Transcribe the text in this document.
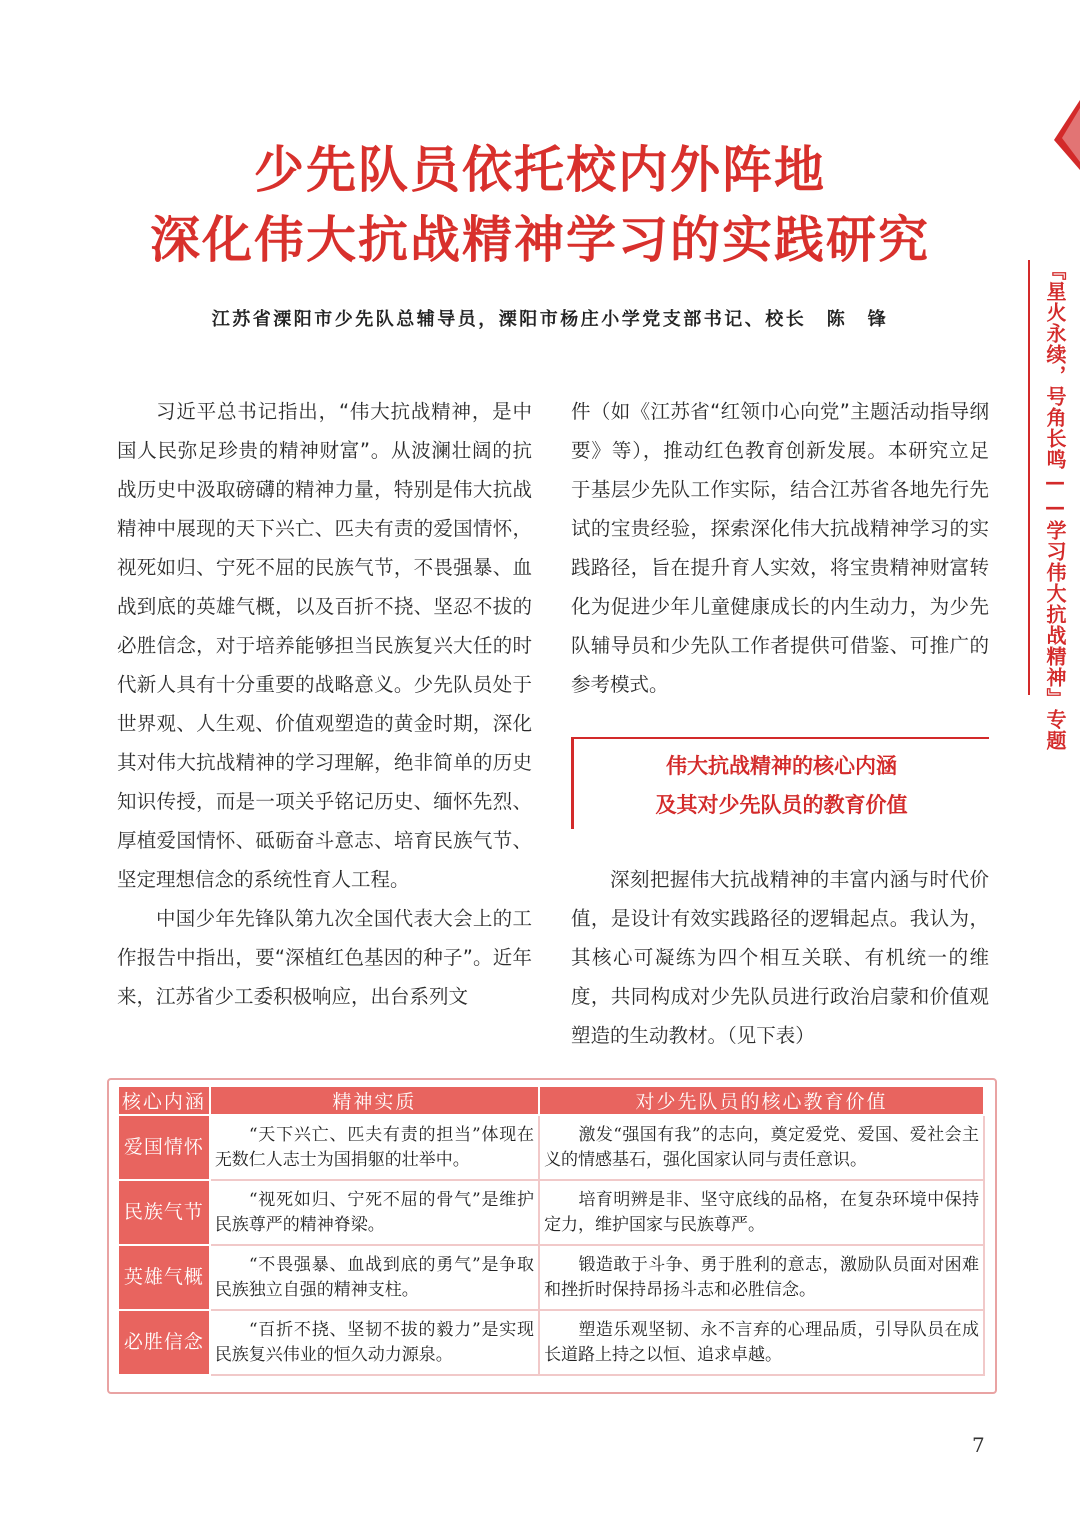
『星火永续，号角长鸣——学习伟大抗战精神』专题
少先队员依托校内外阵地
深化伟大抗战精神学习的实践研究
江苏省溧阳市少先队总辅导员，溧阳市杨庄小学党支部书记、校长　陈　锋

习近平总书记指出，“伟大抗战精神，是中国人民弥足珍贵的精神财富”。从波澜壮阔的抗战历史中汲取磅礴的精神力量，特别是伟大抗战精神中展现的天下兴亡、匹夫有责的爱国情怀，视死如归、宁死不屈的民族气节，不畏强暴、血战到底的英雄气概，以及百折不挠、坚忍不拔的必胜信念，对于培养能够担当民族复兴大任的时代新人具有十分重要的战略意义。少先队员处于世界观、人生观、价值观塑造的黄金时期，深化其对伟大抗战精神的学习理解，绝非简单的历史知识传授，而是一项关乎铭记历史、缅怀先烈、厚植爱国情怀、砥砺奋斗意志、培育民族气节、坚定理想信念的系统性育人工程。

中国少年先锋队第九次全国代表大会上的工作报告中指出，要“深植红色基因的种子”。近年来，江苏省少工委积极响应，出台系列文

件（如《江苏省“红领巾心向党”主题活动指导纲要》等），推动红色教育创新发展。本研究立足于基层少先队工作实际，结合江苏省各地先行先试的宝贵经验，探索深化伟大抗战精神学习的实践路径，旨在提升育人实效，将宝贵精神财富转化为促进少年儿童健康成长的内生动力，为少先队辅导员和少先队工作者提供可借鉴、可推广的参考模式。

伟大抗战精神的核心内涵
及其对少先队员的教育价值

深刻把握伟大抗战精神的丰富内涵与时代价值，是设计有效实践路径的逻辑起点。我认为，其核心可凝练为四个相互关联、有机统一的维度，共同构成对少先队员进行政治启蒙和价值观塑造的生动教材。（见下表）

核心内涵	精神实质	对少先队员的核心教育价值
爱国情怀	“天下兴亡、匹夫有责的担当”体现在无数仁人志士为国捐躯的壮举中。	激发“强国有我”的志向，奠定爱党、爱国、爱社会主义的情感基石，强化国家认同与责任意识。
民族气节	“视死如归、宁死不屈的骨气”是维护民族尊严的精神脊梁。	培育明辨是非、坚守底线的品格，在复杂环境中保持定力，维护国家与民族尊严。
英雄气概	“不畏强暴、血战到底的勇气”是争取民族独立自强的精神支柱。	锻造敢于斗争、勇于胜利的意志，激励队员面对困难和挫折时保持昂扬斗志和必胜信念。
必胜信念	“百折不挠、坚韧不拔的毅力”是实现民族复兴伟业的恒久动力源泉。	塑造乐观坚韧、永不言弃的心理品质，引导队员在成长道路上持之以恒、追求卓越。
7
